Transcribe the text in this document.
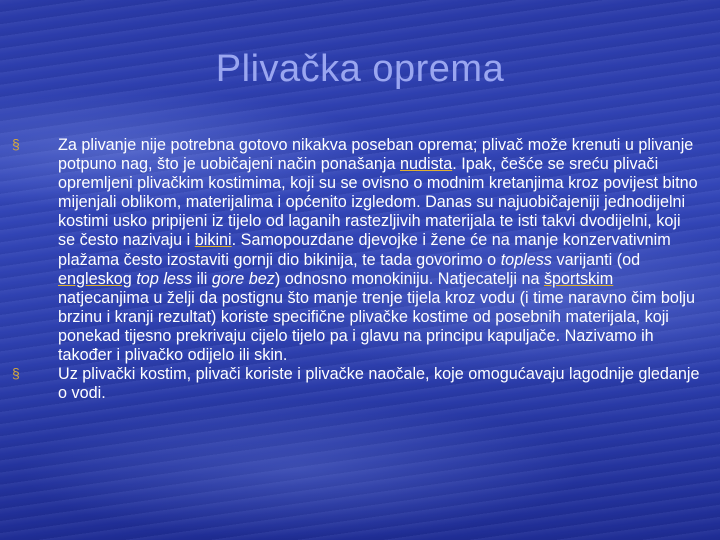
Plivačka oprema
§
Za plivanje nije potrebna gotovo nikakva poseban oprema; plivač može krenuti u plivanje potpuno nag, što je uobičajeni način ponašanja nudista. Ipak, češće se sreću plivači opremljeni plivačkim kostimima, koji su se ovisno o modnim kretanjima kroz povijest bitno mijenjali oblikom, materijalima i općenito izgledom. Danas su najuobičajeniji jednodijelni kostimi usko pripijeni iz tijelo od laganih rastezljivih materijala te isti takvi dvodijelni, koji se često nazivaju i bikini. Samopouzdane djevojke i žene će na manje konzervativnim plažama često izostaviti gornji dio bikinija, te tada govorimo o topless varijanti (od engleskog top less ili gore bez) odnosno monokiniju. Natjecatelji na športskim natjecanjima u želji da postignu što manje trenje tijela kroz vodu (i time naravno čim bolju brzinu i kranji rezultat) koriste specifične plivačke kostime od posebnih materijala, koji ponekad tijesno prekrivaju cijelo tijelo pa i glavu na principu kapuljače. Nazivamo ih također i plivačko odijelo ili skin.
§
Uz plivački kostim, plivači koriste i plivačke naočale, koje omogućavaju lagodnije gledanje o vodi.
